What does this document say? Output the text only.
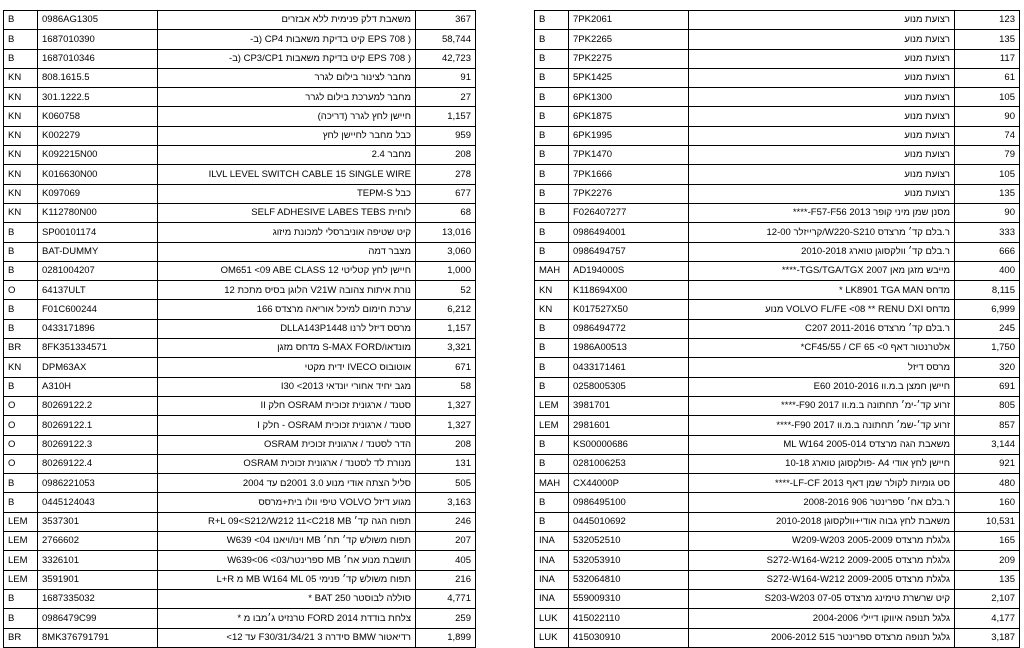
B	0986AG1305	משאבת דלק פנימית ללא אבזרים	367
B	1687010390	( EPS 708 קיט בדיקת משאבות CP4 (ב-	58,744
B	1687010346	( EPS 708 קיט בדיקת משאבות CP3/CP1 (ב-	42,723
KN	808.1615.5	מחבר לצינור בילום לגרר	91
KN	301.1222.5	מחבר למערכת בילום לגרר	27
KN	K060758	חיישן לחץ לגרר (דריכה)	1,157
KN	K002279	כבל מחבר לחיישן לחץ	959
KN	K092215N00	מחבר 2.4	208
KN	K016630N00	ILVL LEVEL SWITCH CABLE 15 SINGLE WIRE	278
KN	K097069	כבל TEPM-S	677
KN	K112780N00	לוחית SELF ADHESIVE LABES TEBS	68
B	SP00101174	קיט שטיפה אוניברסלי למכונת מיזוג	13,016
B	BAT-DUMMY	מצבר דמה	3,060
B	0281004207	חיישן לחץ קטליטי OM651 <09 ABE CLASS 12	1,000
O	64137ULT	נורת איתות צהובה V21W הלוגן בסיס מתכת 12	52
B	F01C600244	ערכת חימום למיכל אוריאה מרצדס 166	6,212
B	0433171896	מרסס דיזל לרנו DLLA143P1448	1,157
BR	8FK351334571	מונדאו/S-MAX FORD מדחס מזגן	3,321
KN	DPM63AX	אוטובוס IVECO ידית מקטי	671
B	A310H	מגב יחיד אחורי יונדאי I30 <2013	58
O	80269122.2	סטנד / ארגונית זכוכית OSRAM חלק II	1,327
O	80269122.1	סטנד / ארגונית זכוכית OSRAM - חלק I	1,327
O	80269122.3	הדר לסטנד / ארגונית זכוכית OSRAM	208
O	80269122.4	מנורת לד לסטנד / ארגונית זכוכית OSRAM	131
B	0986221053	סליל הצתה אודי מנוע 3.0 2001ם עד 2004	505
B	0445124043	מגוע דיזל VOLVO טיפי וולו בית+מרסס	3,163
LEM	3537301	תפוח הגה קד׳ R+L 09<S212/W212 11<C218 MB	246
LEM	2766602	תפוח משולש קד׳ תח׳ MB וינו/ויאנו W639 <04	207
LEM	3326101	תושבת מנוע אח׳ MB ספרינטר/W639<06 <03	405
LEM	3591901	תפוח משולש קד׳ פנימי MB W164 ML 05 מ L+R	216
B	1687335032	סוללה לבוסטר BAT 250 *	4,771
B	0986479C99	צלחת בודדת 2014 FORD טרנזיט ג׳מבו מ *	259
BR	8MK376791791	רדיאטור BMW סידרה 3 F30/31/34/21 עד 12>	1,899
B	7PK2061	רצועת מנוע	123
B	7PK2265	רצועת מנוע	135
B	7PK2275	רצועת מנוע	117
B	5PK1425	רצועת מנוע	61
B	6PK1300	רצועת מנוע	105
B	6PK1875	רצועת מנוע	90
B	6PK1995	רצועת מנוע	74
B	7PK1470	רצועת מנוע	79
B	7PK1666	רצועת מנוע	105
B	7PK2276	רצועת מנוע	135
B	F026407277	מסנן שמן מיני קופר F57-F56 2013-****	90
B	0986494001	ר.בלם קד׳ מרצדס W220-S210/קרייזלר 12-00	333
B	0986494757	ר.בלם קד׳ וולקסוגן טוארג 2010-2018	666
MAH	AD194000S	מייבש מזגן מאן TGS/TGA/TGX 2007-****	400
KN	K118694X00	מדחס LK8901 TGA MAN *	8,115
KN	K017527X50	מדחס VOLVO FL/FE <08 ** RENU DXI מנוע	6,999
B	0986494772	ר.בלם קד׳ מרצדס C207 2011-2016	245
B	1986A00513	אלטרנטור דאף CF45/55 / CF 65 <0*	1,750
B	0433171461	מרסס דיזל	320
B	0258005305	חיישן חמצן ב.מ.וו E60 2010-2016	691
LEM	3981701	זרוע קד׳-ימ׳ תחתונה ב.מ.וו F90 2017-****	805
LEM	2981601	זרוע קד׳-שמ׳ תחתונה ב.מ.וו F90 2017-****	857
B	KS00000686	משאבת הגה מרצדס ML W164 2005-014	3,144
B	0281006253	חיישן לחץ אודי A4 -פולקסוגן טוארג 10-18	921
MAH	CX44000P	סט גומיות לקולר שמן דאף LF-CF 2013-****	480
B	0986495100	ר.בלם אח׳ ספרינטר 906 2008-2016	160
B	0445010692	משאבת לחץ גבוה אודי+וולקסוגן 2010-2018	10,531
INA	532052510	גלגלת מרצדס W209-W203 2005-2009	165
INA	532053910	גלגלת מרצדס S272-W164-W212 2009-2005	209
INA	532064810	גלגלת מרצדס S272-W164-W212 2009-2005	135
INA	559009310	קיט שרשרת טימינג מרצדס S203-W203 07-05	2,107
LUK	415022110	גלגל תנופה איווקו דיילי 2004-2006	4,177
LUK	415030910	גלגל תנופה מרצדס ספרינטר 515 2006-2012	3,187
